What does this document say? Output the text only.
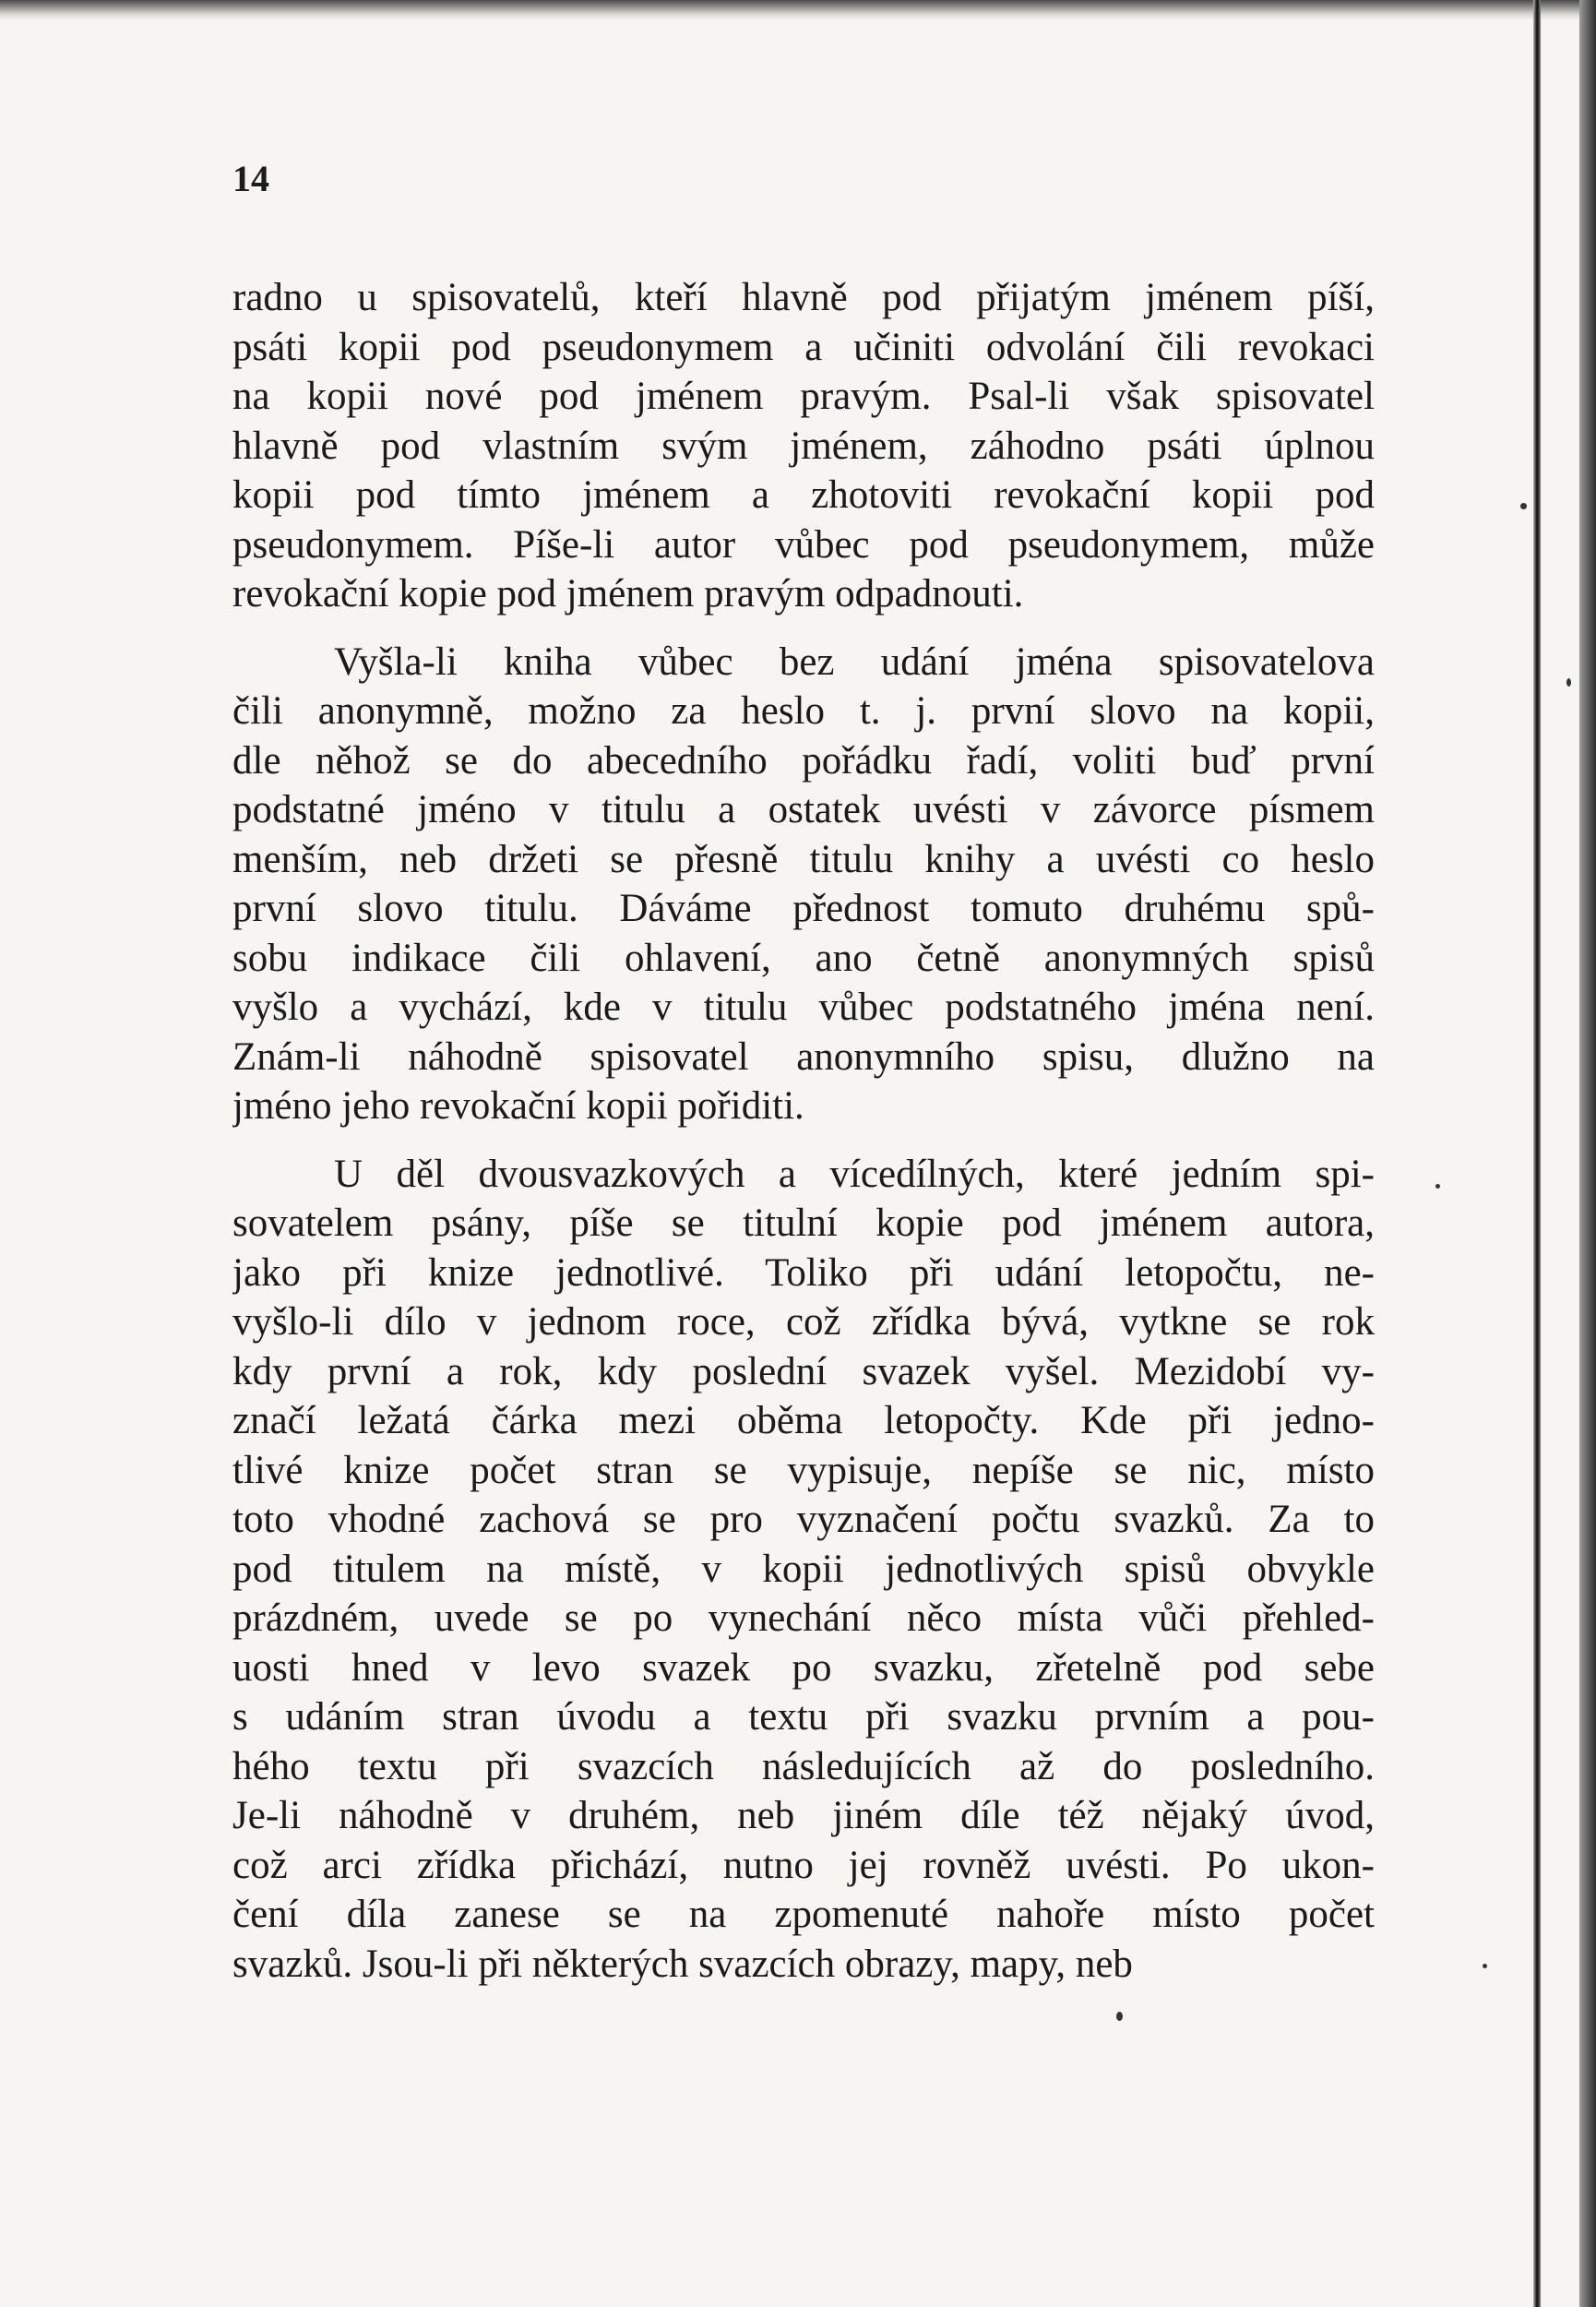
14
radno u spisovatelů, kteří hlavně pod přijatým jménem píší,
psáti kopii pod pseudonymem a učiniti odvolání čili revokaci
na kopii nové pod jménem pravým. Psal-li však spisovatel
hlavně pod vlastním svým jménem, záhodno psáti úplnou
kopii pod tímto jménem a zhotoviti revokační kopii pod
pseudonymem. Píše-li autor vůbec pod pseudonymem, může
revokační kopie pod jménem pravým odpadnouti.
Vyšla-li kniha vůbec bez udání jména spisovatelova
čili anonymně, možno za heslo t. j. první slovo na kopii,
dle něhož se do abecedního pořádku řadí, voliti buď první
podstatné jméno v titulu a ostatek uvésti v závorce písmem
menším, neb držeti se přesně titulu knihy a uvésti co heslo
první slovo titulu. Dáváme přednost tomuto druhému spů-
sobu indikace čili ohlavení, ano četně anonymných spisů
vyšlo a vychází, kde v titulu vůbec podstatného jména není.
Znám-li náhodně spisovatel anonymního spisu, dlužno na
jméno jeho revokační kopii pořiditi.
U děl dvousvazkových a vícedílných, které jedním spi-
sovatelem psány, píše se titulní kopie pod jménem autora,
jako při knize jednotlivé. Toliko při udání letopočtu, ne-
vyšlo-li dílo v jednom roce, což zřídka bývá, vytkne se rok
kdy první a rok, kdy poslední svazek vyšel. Mezidobí vy-
značí ležatá čárka mezi oběma letopočty. Kde při jedno-
tlivé knize počet stran se vypisuje, nepíše se nic, místo
toto vhodné zachová se pro vyznačení počtu svazků. Za to
pod titulem na místě, v kopii jednotlivých spisů obvykle
prázdném, uvede se po vynechání něco místa vůči přehled-
uosti hned v levo svazek po svazku, zřetelně pod sebe
s udáním stran úvodu a textu při svazku prvním a pou-
hého textu při svazcích následujících až do posledního.
Je-li náhodně v druhém, neb jiném díle též nějaký úvod,
což arci zřídka přichází, nutno jej rovněž uvésti. Po ukon-
čení díla zanese se na zpomenuté nahoře místo počet
svazků. Jsou-li při některých svazcích obrazy, mapy, neb
